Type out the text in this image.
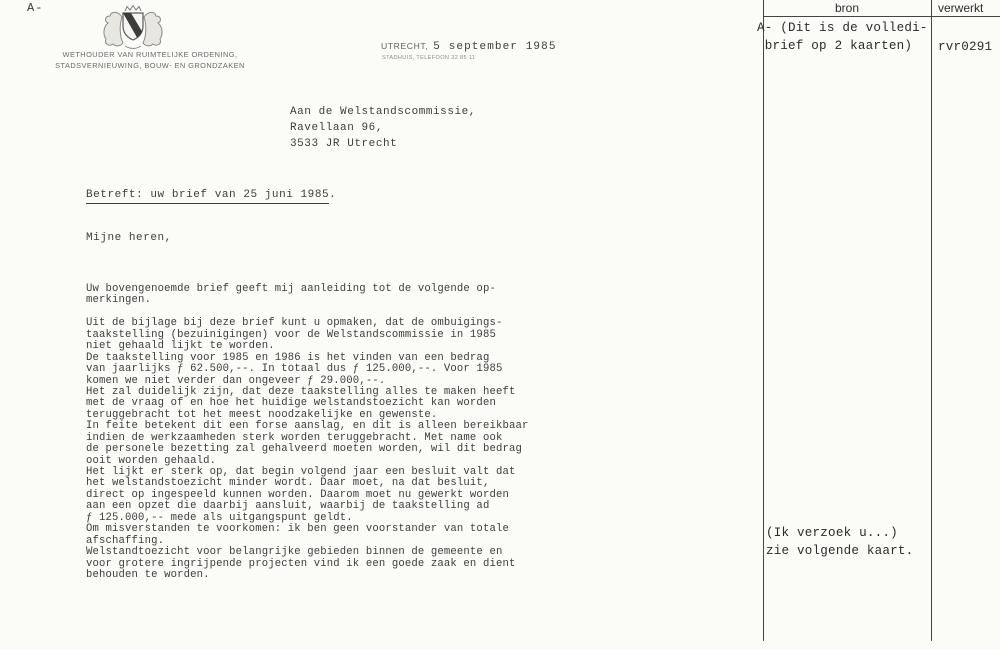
A-
WETHOUDER VAN RUIMTELIJKE ORDENING,
STADSVERNIEUWING, BOUW- EN GRONDZAKEN
UTRECHT, 5 september 1985
STADHUIS, TELEFOON 32 85 11
Aan de Welstandscommissie,
Ravellaan 96,
3533 JR Utrecht
Betreft: uw brief van 25 juni 1985.
Mijne heren,
Uw bovengenoemde brief geeft mij aanleiding tot de volgende op-
merkingen.
Uit de bijlage bij deze brief kunt u opmaken, dat de ombuigings-
taakstelling (bezuinigingen) voor de Welstandscommissie in 1985
niet gehaald lijkt te worden.
De taakstelling voor 1985 en 1986 is het vinden van een bedrag
van jaarlijks ƒ 62.500,--. In totaal dus ƒ 125.000,--. Voor 1985
komen we niet verder dan ongeveer ƒ 29.000,--.
Het zal duidelijk zijn, dat deze taakstelling alles te maken heeft
met de vraag of en hoe het huidige welstandstoezicht kan worden
teruggebracht tot het meest noodzakelijke en gewenste.
In feite betekent dit een forse aanslag, en dit is alleen bereikbaar
indien de werkzaamheden sterk worden teruggebracht. Met name ook
de personele bezetting zal gehalveerd moeten worden, wil dit bedrag
ooit worden gehaald.
Het lijkt er sterk op, dat begin volgend jaar een besluit valt dat
het welstandstoezicht minder wordt. Daar moet, na dat besluit,
direct op ingespeeld kunnen worden. Daarom moet nu gewerkt worden
aan een opzet die daarbij aansluit, waarbij de taakstelling ad
ƒ 125.000,-- mede als uitgangspunt geldt.
Om misverstanden te voorkomen: ik ben geen voorstander van totale
afschaffing.
Welstandtoezicht voor belangrijke gebieden binnen de gemeente en
voor grotere ingrijpende projecten vind ik een goede zaak en dient
behouden te worden.
bron	verwerkt
A- (Dit is de volledi-
brief op 2 kaarten)	rvr0291
(Ik verzoek u...)
zie volgende kaart.
